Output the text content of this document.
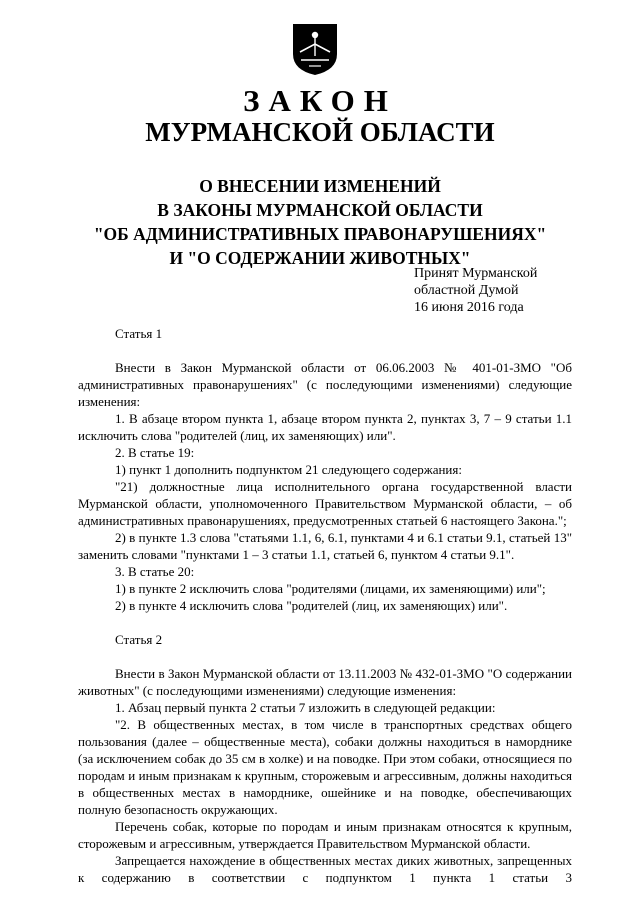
ЗАКОН
МУРМАНСКОЙ ОБЛАСТИ
О ВНЕСЕНИИ ИЗМЕНЕНИЙ
В ЗАКОНЫ МУРМАНСКОЙ ОБЛАСТИ
"ОБ АДМИНИСТРАТИВНЫХ ПРАВОНАРУШЕНИЯХ"
И "О СОДЕРЖАНИИ ЖИВОТНЫХ"
Принят Мурманской
областной Думой
16 июня 2016 года

Статья 1

Внести в Закон Мурманской области от 06.06.2003 № 401-01-ЗМО "Об административных правонарушениях" (с последующими изменениями) следующие изменения:

1. В абзаце втором пункта 1, абзаце втором пункта 2, пунктах 3, 7 – 9 статьи 1.1 исключить слова "родителей (лиц, их заменяющих) или".

2. В статье 19:

1) пункт 1 дополнить подпунктом 21 следующего содержания:

"21) должностные лица исполнительного органа государственной власти Мурманской области, уполномоченного Правительством Мурманской области, – об административных правонарушениях, предусмотренных статьей 6 настоящего Закона.";

2) в пункте 1.3 слова "статьями 1.1, 6, 6.1, пунктами 4 и 6.1 статьи 9.1, статьей 13" заменить словами "пунктами 1 – 3 статьи 1.1, статьей 6, пунктом 4 статьи 9.1".

3. В статье 20:

1) в пункте 2 исключить слова "родителями (лицами, их заменяющими) или";

2) в пункте 4 исключить слова "родителей (лиц, их заменяющих) или".

Статья 2

Внести в Закон Мурманской области от 13.11.2003 № 432-01-ЗМО "О содержании животных" (с последующими изменениями) следующие изменения:

1. Абзац первый пункта 2 статьи 7 изложить в следующей редакции:

"2. В общественных местах, в том числе в транспортных средствах общего пользования (далее – общественные места), собаки должны находиться в наморднике (за исключением собак до 35 см в холке) и на поводке. При этом собаки, относящиеся по породам и иным признакам к крупным, сторожевым и агрессивным, должны находиться в общественных местах в наморднике, ошейнике и на поводке, обеспечивающих полную безопасность окружающих.

Перечень собак, которые по породам и иным признакам относятся к крупным, сторожевым и агрессивным, утверждается Правительством Мурманской области.

Запрещается нахождение в общественных местах диких животных, запрещенных к содержанию в соответствии с подпунктом 1 пункта 1 статьи 3
